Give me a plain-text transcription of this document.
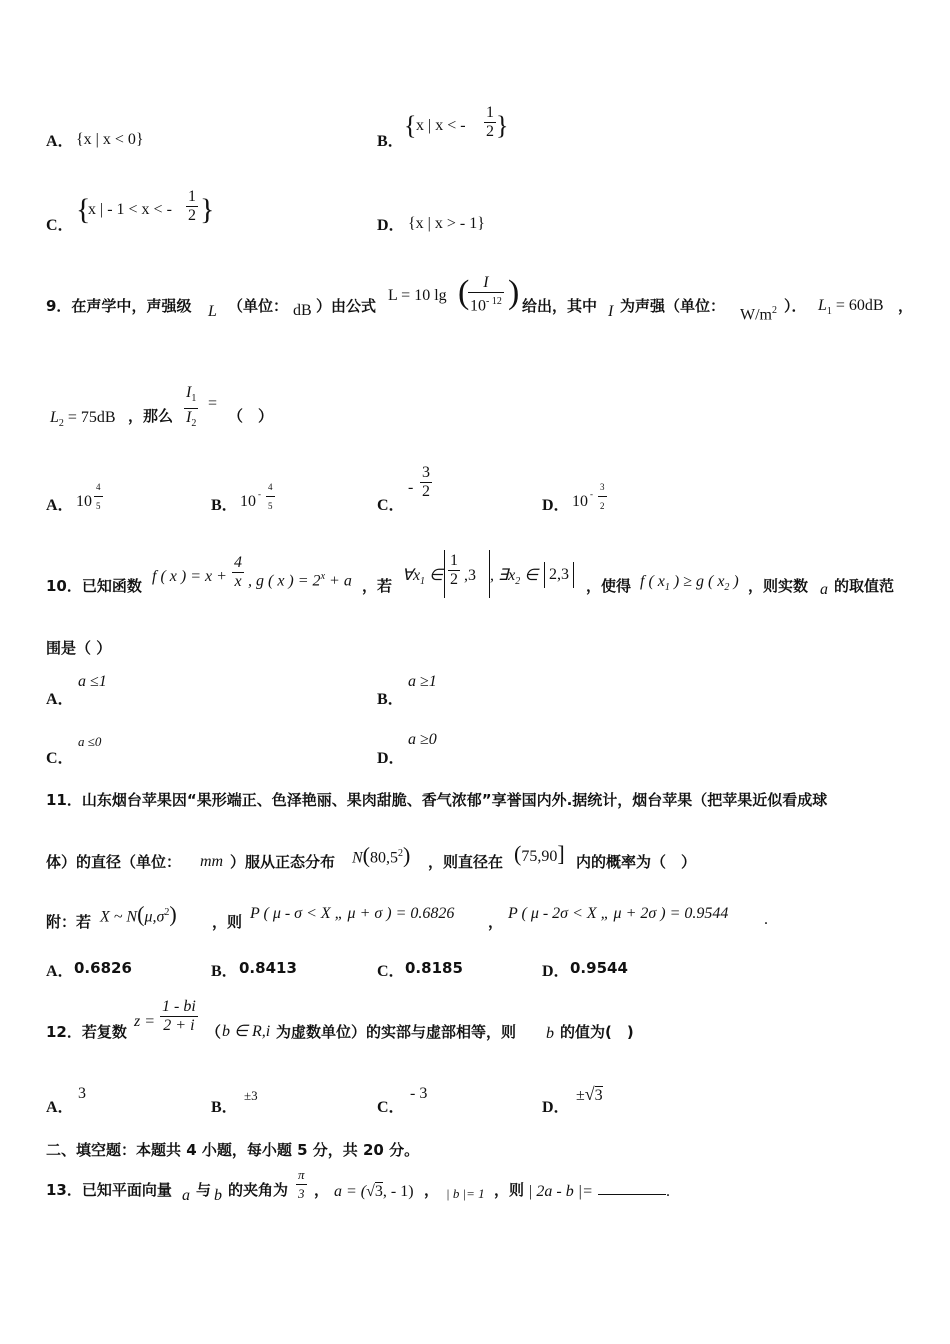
A． {x | x < 0}	B．
{ x | x < - $\frac{1}{2}$ }
C． {
x | - 1 < x < - $\frac{1}{2}$ }	D． {x | x > - 1}
9．在声学中，声强级 L （单位： dB ）由公式
L = 10 lg (
$\frac{I}{10^{- 12}}$ ) 给出，其中 I 为声强（单位： $W/m^2$ ）． $L_1 = 60dB$ ，
$L_2 = 75dB$ ，那么 $\frac{I_1}{I_2}$ =
（　）
A． $10 \frac{4}{5}$	B． $10 - \frac{4}{5}$	C．
- $\frac{3}{2}$
D． $10 - \frac{3}{2}$
10．已知函数
f ( x ) = $x + \frac{4}{x}$ , g ( x ) = $2^x + a$ ，若
$\forall x_1$ ∈ $\frac{1}{2} ,3$ , $\exists x_2$ ∈ 2,3
，使得 f ( $x_1$ ) ≥ g ( $x_2$ ) ，则实数 a 的取值范
围是（ ）
A．
a ≤1
B．
a ≥1
C．
a ≤0
D．
a ≥0
11．山东烟台苹果因“果形端正、色泽艳丽、果肉甜脆、香气浓郁”享誉国内外.据统计，烟台苹果（把苹果近似看成球
体）的直径（单位： mm ）服从正态分布 N(80,5$^2$) ，则直径在 (75,90] 内的概率为（　）
附：若 X ~ $N(\mu,\sigma^2)$ ，则 P ( μ - σ < X „ μ + σ ) = 0.6826 ， P ( μ - 2σ < X „ μ + 2σ ) = 0.9544 .
A． 0.6826	B． 0.8413	C． 0.8185	D． 0.9544
12．若复数
$z = \frac{1 - bi}{2 + i}$ （ b ∈ R,i 为虚数单位）的实部与虚部相等，则 b 的值为(　)
A．
3
B．
±3
C．
- 3
D．
±√3
二、填空题：本题共 4 小题，每小题 5 分，共 20 分。
13．已知平面向量 a 与 b 的夹角为 $\frac{\pi}{3}$ ， a = (√3, - 1) ， | b |= 1 ，则 | 2a - b |=	.
